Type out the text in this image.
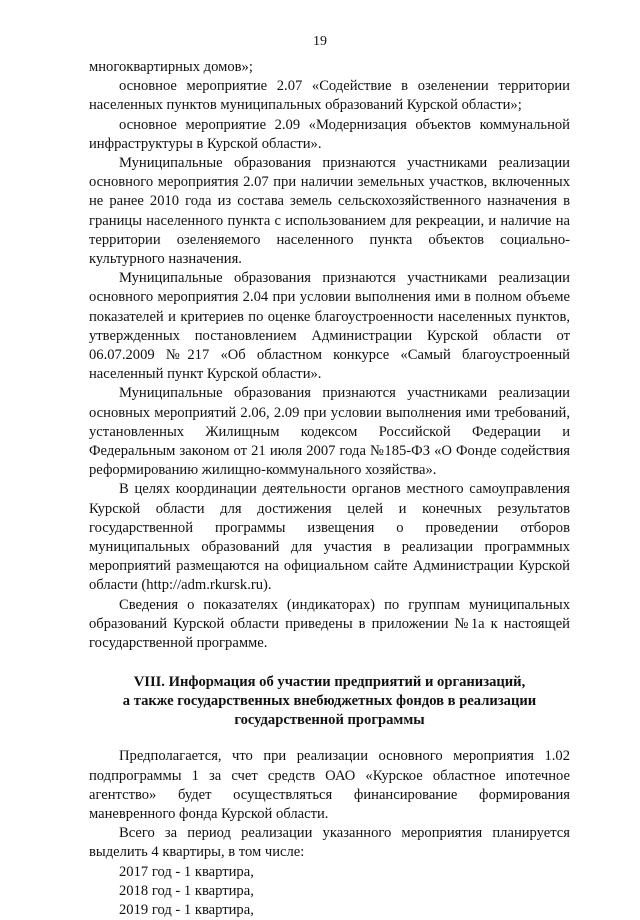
19

многоквартирных домов»;

основное мероприятие 2.07 «Содействие в озеленении территории населенных пунктов муниципальных образований Курской области»;

основное мероприятие 2.09 «Модернизация объектов коммунальной инфраструктуры в Курской области».

Муниципальные образования признаются участниками реализации основного мероприятия 2.07 при наличии земельных участков, включенных не ранее 2010 года из состава земель сельскохозяйственного назначения в границы населенного пункта с использованием для рекреации, и наличие на территории озеленяемого населенного пункта объектов социально-культурного назначения.

Муниципальные образования признаются участниками реализации основного мероприятия 2.04 при условии выполнения ими в полном объеме показателей и критериев по оценке благоустроенности населенных пунктов, утвержденных постановлением Администрации Курской области от 06.07.2009 №217 «Об областном конкурсе «Самый благоустроенный населенный пункт Курской области».

Муниципальные образования признаются участниками реализации основных мероприятий 2.06, 2.09 при условии выполнения ими требований, установленных Жилищным кодексом Российской Федерации и Федеральным законом от 21 июля 2007 года №185-ФЗ «О Фонде содействия реформированию жилищно-коммунального хозяйства».

В целях координации деятельности органов местного самоуправления Курской области для достижения целей и конечных результатов государственной программы извещения о проведении отборов муниципальных образований для участия в реализации программных мероприятий размещаются на официальном сайте Администрации Курской области (http://adm.rkursk.ru).

Сведения о показателях (индикаторах) по группам муниципальных образований Курской области приведены в приложении №1а к настоящей государственной программе.

VIII. Информация об участии предприятий и организаций,
а также государственных внебюджетных фондов в реализации
государственной программы

Предполагается, что при реализации основного мероприятия 1.02 подпрограммы 1 за счет средств ОАО «Курское областное ипотечное агентство» будет осуществляться финансирование формирования маневренного фонда Курской области.

Всего за период реализации указанного мероприятия планируется выделить 4 квартиры, в том числе:

2017 год - 1 квартира,
2018 год - 1 квартира,
2019 год - 1 квартира,
